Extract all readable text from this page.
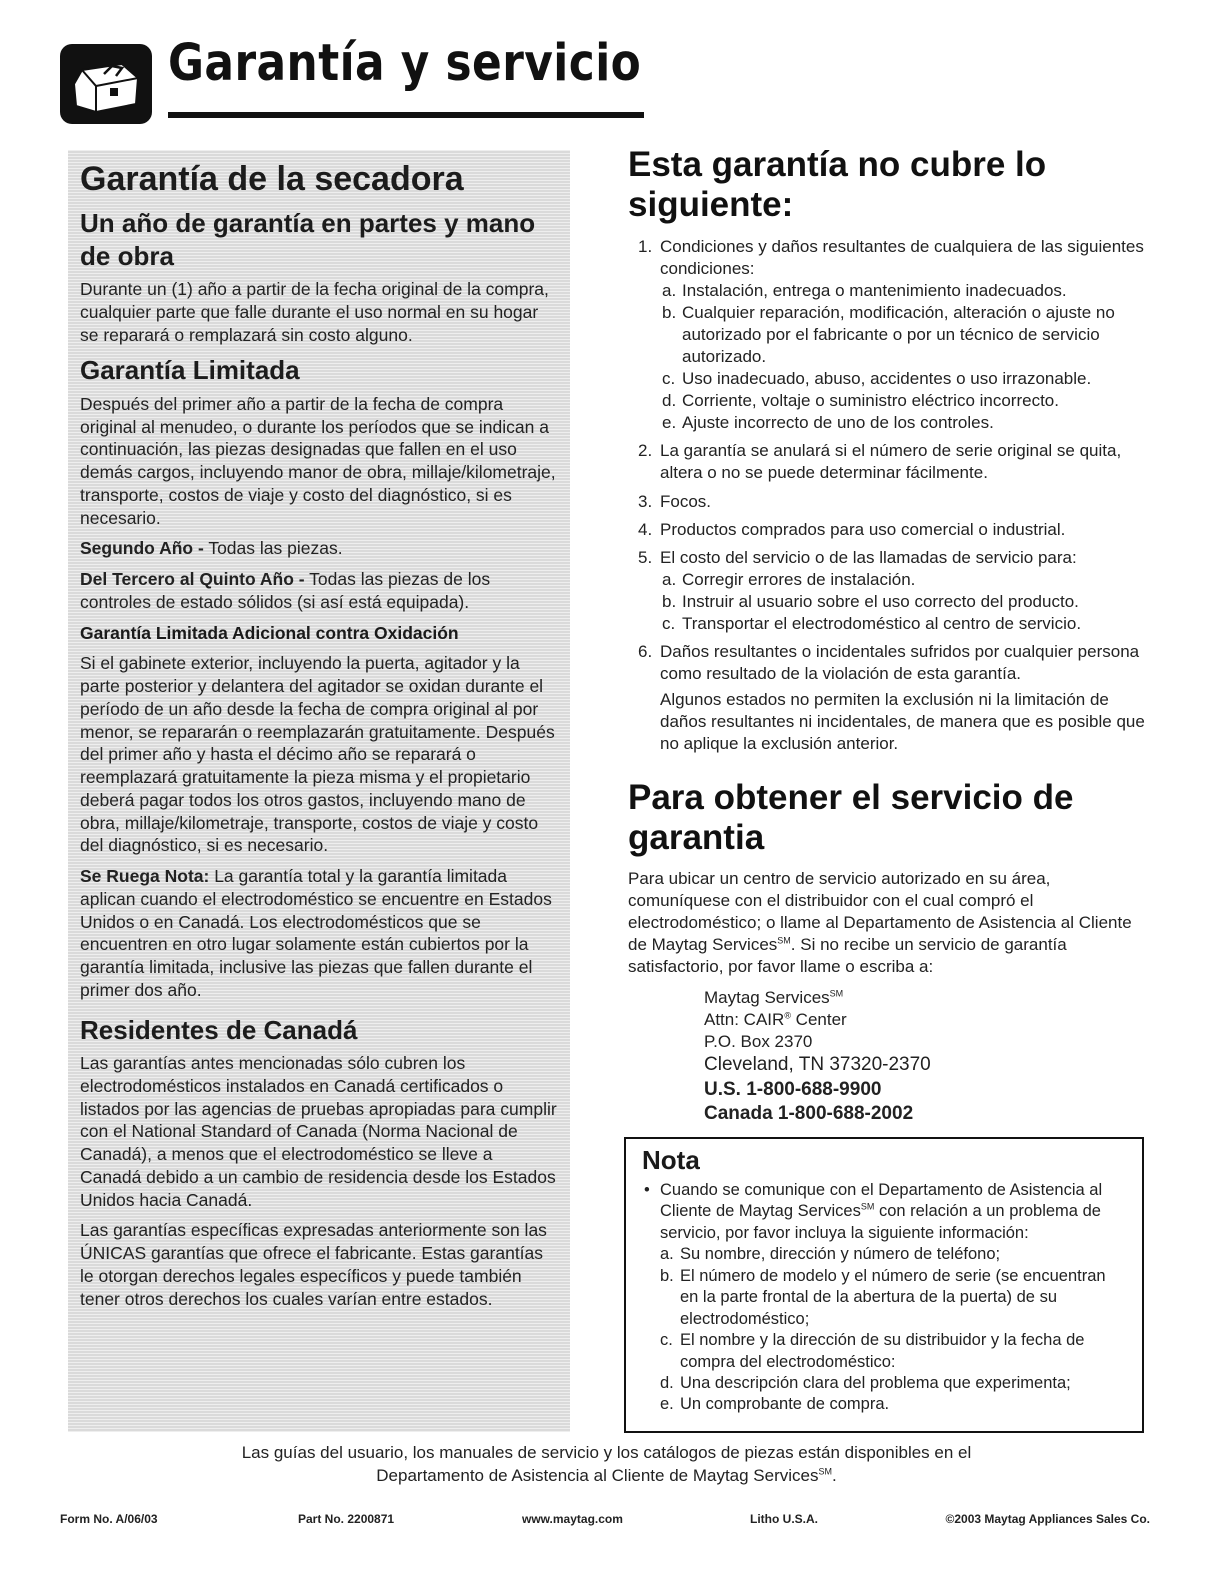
Garantía y servicio
Garantía de la secadora
Un año de garantía en partes y mano de obra

Durante un (1) año a partir de la fecha original de la compra, cualquier parte que falle durante el uso normal en su hogar se reparará o remplazará sin costo alguno.

Garantía Limitada

Después del primer año a partir de la fecha de compra original al menudeo, o durante los períodos que se indican a continuación, las piezas designadas que fallen en el uso demás cargos, incluyendo manor de obra, millaje/kilometraje, transporte, costos de viaje y costo del diagnóstico, si es necesario.

Segundo Año - Todas las piezas.

Del Tercero al Quinto Año - Todas las piezas de los controles de estado sólidos (si así está equipada).

Garantía Limitada Adicional contra Oxidación

Si el gabinete exterior, incluyendo la puerta, agitador y la parte posterior y delantera del agitador se oxidan durante el período de un año desde la fecha de compra original al por menor, se repararán o reemplazarán gratuitamente. Después del primer año y hasta el décimo año se reparará o reemplazará gratuitamente la pieza misma y el propietario deberá pagar todos los otros gastos, incluyendo mano de obra, millaje/kilometraje, transporte, costos de viaje y costo del diagnóstico, si es necesario.

Se Ruega Nota: La garantía total y la garantía limitada aplican cuando el electrodoméstico se encuentre en Estados Unidos o en Canadá. Los electrodomésticos que se encuentren en otro lugar solamente están cubiertos por la garantía limitada, inclusive las piezas que fallen durante el primer dos año.

Residentes de Canadá

Las garantías antes mencionadas sólo cubren los electrodomésticos instalados en Canadá certificados o listados por las agencias de pruebas apropiadas para cumplir con el National Standard of Canada (Norma Nacional de Canadá), a menos que el electrodoméstico se lleve a Canadá debido a un cambio de residencia desde los Estados Unidos hacia Canadá.

Las garantías específicas expresadas anteriormente son las ÚNICAS garantías que ofrece el fabricante. Estas garantías le otorgan derechos legales específicos y puede también tener otros derechos los cuales varían entre estados.

Esta garantía no cubre lo siguiente:
1. Condiciones y daños resultantes de cualquiera de las siguientes condiciones:
a. Instalación, entrega o mantenimiento inadecuados.
b. Cualquier reparación, modificación, alteración o ajuste no autorizado por el fabricante o por un técnico de servicio autorizado.
c. Uso inadecuado, abuso, accidentes o uso irrazonable.
d. Corriente, voltaje o suministro eléctrico incorrecto.
e. Ajuste incorrecto de uno de los controles.
2. La garantía se anulará si el número de serie original se quita, altera o no se puede determinar fácilmente.
3. Focos.
4. Productos comprados para uso comercial o industrial.
5. El costo del servicio o de las llamadas de servicio para:
a. Corregir errores de instalación.
b. Instruir al usuario sobre el uso correcto del producto.
c. Transportar el electrodoméstico al centro de servicio.
6. Daños resultantes o incidentales sufridos por cualquier persona como resultado de la violación de esta garantía.

Algunos estados no permiten la exclusión ni la limitación de daños resultantes ni incidentales, de manera que es posible que no aplique la exclusión anterior.

Para obtener el servicio de garantia

Para ubicar un centro de servicio autorizado en su área, comuníquese con el distribuidor con el cual compró el electrodoméstico; o llame al Departamento de Asistencia al Cliente de Maytag Services℠. Si no recibe un servicio de garantía satisfactorio, por favor llame o escriba a:

Maytag Services℠
Attn: CAIR® Center
P.O. Box 2370
Cleveland, TN 37320-2370
U.S. 1-800-688-9900
Canada 1-800-688-2002
Nota
• Cuando se comunique con el Departamento de Asistencia al Cliente de Maytag Services℠ con relación a un problema de servicio, por favor incluya la siguiente información:
a. Su nombre, dirección y número de teléfono;
b. El número de modelo y el número de serie (se encuentran en la parte frontal de la abertura de la puerta) de su electrodoméstico;
c. El nombre y la dirección de su distribuidor y la fecha de compra del electrodoméstico:
d. Una descripción clara del problema que experimenta;
e. Un comprobante de compra.
Las guías del usuario, los manuales de servicio y los catálogos de piezas están disponibles en el
Departamento de Asistencia al Cliente de Maytag Services℠.
Form No. A/06/03	Part No. 2200871	www.maytag.com	Litho U.S.A.	©2003 Maytag Appliances Sales Co.
